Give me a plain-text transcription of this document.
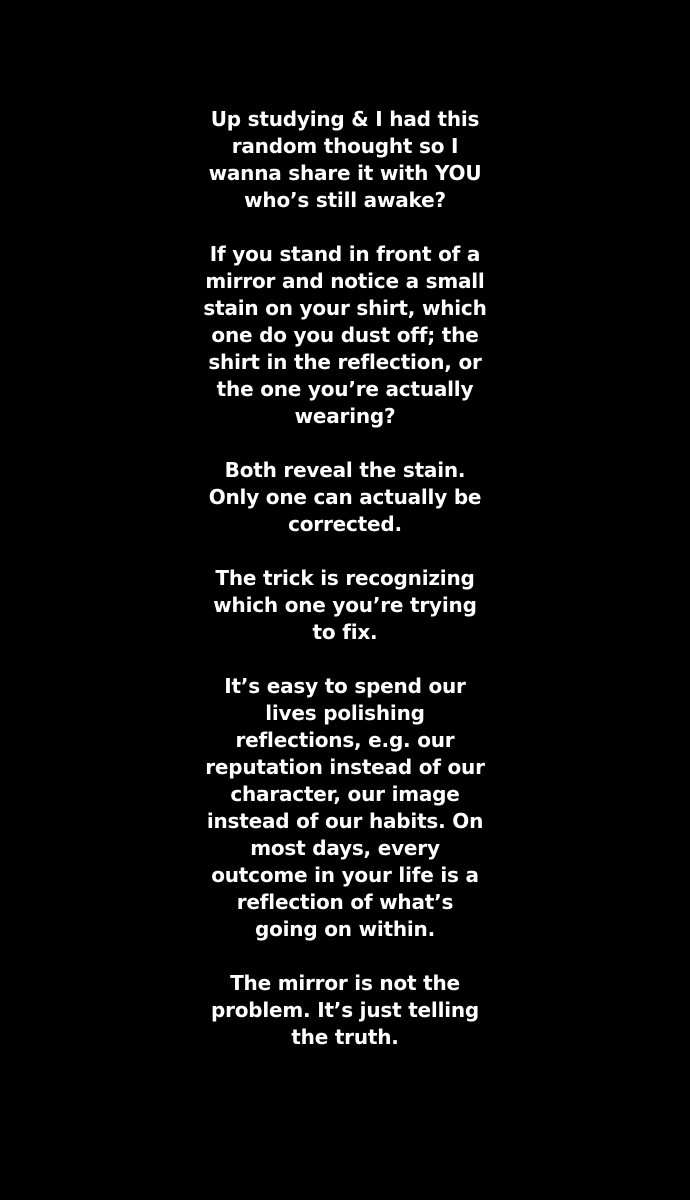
Up studying & I had this
random thought so I
wanna share it with YOU
who’s still awake?

If you stand in front of a
mirror and notice a small
stain on your shirt, which
one do you dust off; the
shirt in the reflection, or
the one you’re actually
wearing?

Both reveal the stain.
Only one can actually be
corrected.

The trick is recognizing
which one you’re trying
to fix.

It’s easy to spend our
lives polishing
reflections, e.g. our
reputation instead of our
character, our image
instead of our habits. On
most days, every
outcome in your life is a
reflection of what’s
going on within.

The mirror is not the
problem. It’s just telling
the truth.
